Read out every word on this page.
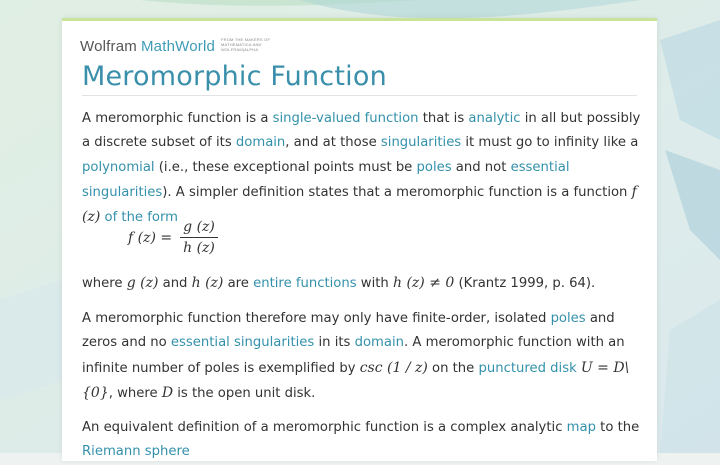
Wolfram MathWorld FROM THE MAKERS OF MATHEMATICA AND WOLFRAM|ALPHA
Meromorphic Function

A meromorphic function is a single-valued function that is analytic in all but possibly a discrete subset of its domain, and at those singularities it must go to infinity like a polynomial (i.e., these exceptional points must be poles and not essential singularities). A simpler definition states that a meromorphic function is a function f (z) of the form

f $(z) = \frac{g (z)}{h (z)}$

where g (z) and h (z) are entire functions with h (z) ≠ 0 (Krantz 1999, p. 64).

A meromorphic function therefore may only have finite-order, isolated poles and zeros and no essential singularities in its domain. A meromorphic function with an infinite number of poles is exemplified by csc (1 / z) on the punctured disk U = D\{0}, where D is the open unit disk.

An equivalent definition of a meromorphic function is a complex analytic map to the Riemann sphere
